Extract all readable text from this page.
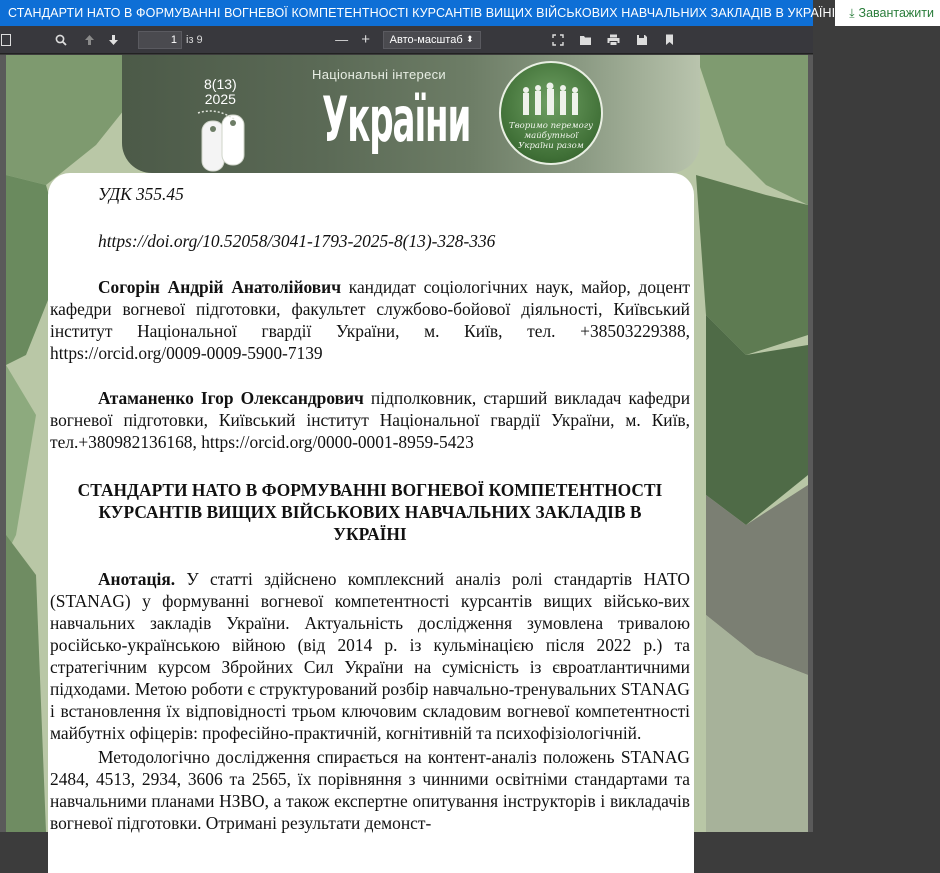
СТАНДАРТИ НАТО В ФОРМУВАННІ ВОГНЕВОЇ КОМПЕТЕНТНОСТІ КУРСАНТІВ ВИЩИХ ВІЙСЬКОВИХ НАВЧАЛЬНИХ ЗАКЛАДІВ В УКРАЇНІ ⤓ Завантажити
1 із 9	— +	Авто-масштаб ⬍
8(13)
2025
Національні інтереси
України	Творимо перемогу майбутньої України разом
УДК 355.45
https://doi.org/10.52058/3041-1793-2025-8(13)-328-336

Согорін Андрій Анатолійович кандидат соціологічних наук, майор, доцент кафедри вогневої підготовки, факультет службово-бойової діяльності, Київський інститут Національної гвардії України, м. Київ, тел. +38503229388, https://orcid.org/0009-0009-5900-7139

Атаманенко Ігор Олександрович підполковник, старший викладач кафедри вогневої підготовки, Київський інститут Національної гвардії України, м. Київ, тел.+380982136168, https://orcid.org/0000-0001-8959-5423

СТАНДАРТИ НАТО В ФОРМУВАННІ ВОГНЕВОЇ КОМПЕТЕНТНОСТІ КУРСАНТІВ ВИЩИХ ВІЙСЬКОВИХ НАВЧАЛЬНИХ ЗАКЛАДІВ В УКРАЇНІ

Анотація. У статті здійснено комплексний аналіз ролі стандартів НАТО (STANAG) у формуванні вогневої компетентності курсантів вищих військо-вих навчальних закладів України. Актуальність дослідження зумовлена тривалою російсько-українською війною (від 2014 р. із кульмінацією після 2022 р.) та стратегічним курсом Збройних Сил України на сумісність із євроатлантичними підходами. Метою роботи є структурований розбір навчально-тренувальних STANAG і встановлення їх відповідності трьом ключовим складовим вогневої компетентності майбутніх офіцерів: професійно-практичній, когнітивній та психофізіологічній.

Методологічно дослідження спирається на контент-аналіз положень STANAG 2484, 4513, 2934, 3606 та 2565, їх порівняння з чинними освітніми стандартами та навчальними планами НЗВО, а також експертне опитування інструкторів і викладачів вогневої підготовки. Отримані результати демонст-
